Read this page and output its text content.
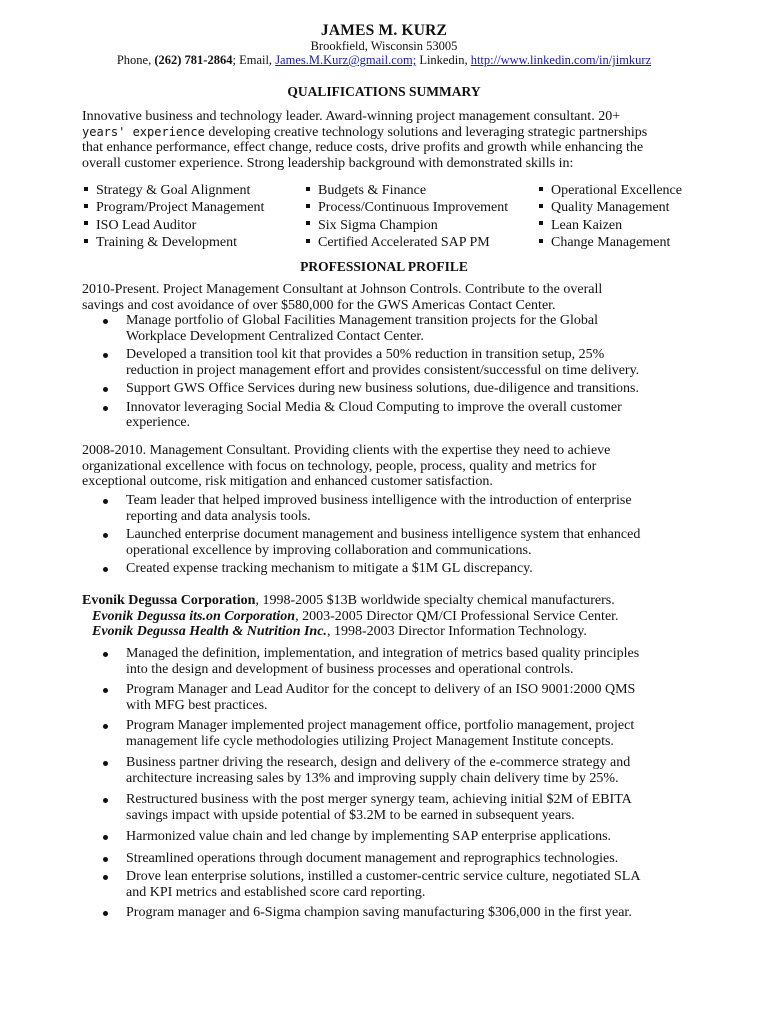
JAMES M. KURZ
Brookfield, Wisconsin 53005
Phone, (262) 781-2864; Email, James.M.Kurz@gmail.com; Linkedin, http://www.linkedin.com/in/jimkurz
QUALIFICATIONS SUMMARY
Innovative business and technology leader. Award-winning project management consultant. 20+
years' experience developing creative technology solutions and leveraging strategic partnerships
that enhance performance, effect change, reduce costs, drive profits and growth while enhancing the
overall customer experience. Strong leadership background with demonstrated skills in:
Strategy & Goal Alignment
Program/Project Management
ISO Lead Auditor
Training & Development
Budgets & Finance
Process/Continuous Improvement
Six Sigma Champion
Certified Accelerated SAP PM
Operational Excellence
Quality Management
Lean Kaizen
Change Management
PROFESSIONAL PROFILE
2010-Present. Project Management Consultant at Johnson Controls. Contribute to the overall
savings and cost avoidance of over $580,000 for the GWS Americas Contact Center.
Manage portfolio of Global Facilities Management transition projects for the Global
Workplace Development Centralized Contact Center.
Developed a transition tool kit that provides a 50% reduction in transition setup, 25%
reduction in project management effort and provides consistent/successful on time delivery.
Support GWS Office Services during new business solutions, due-diligence and transitions.
Innovator leveraging Social Media & Cloud Computing to improve the overall customer
experience.
2008-2010. Management Consultant. Providing clients with the expertise they need to achieve
organizational excellence with focus on technology, people, process, quality and metrics for
exceptional outcome, risk mitigation and enhanced customer satisfaction.
Team leader that helped improved business intelligence with the introduction of enterprise
reporting and data analysis tools.
Launched enterprise document management and business intelligence system that enhanced
operational excellence by improving collaboration and communications.
Created expense tracking mechanism to mitigate a $1M GL discrepancy.
Evonik Degussa Corporation, 1998-2005 $13B worldwide specialty chemical manufacturers.
Evonik Degussa its.on Corporation, 2003-2005 Director QM/CI Professional Service Center.
Evonik Degussa Health & Nutrition Inc., 1998-2003 Director Information Technology.
Managed the definition, implementation, and integration of metrics based quality principles
into the design and development of business processes and operational controls.
Program Manager and Lead Auditor for the concept to delivery of an ISO 9001:2000 QMS
with MFG best practices.
Program Manager implemented project management office, portfolio management, project
management life cycle methodologies utilizing Project Management Institute concepts.
Business partner driving the research, design and delivery of the e-commerce strategy and
architecture increasing sales by 13% and improving supply chain delivery time by 25%.
Restructured business with the post merger synergy team, achieving initial $2M of EBITA
savings impact with upside potential of $3.2M to be earned in subsequent years.
Harmonized value chain and led change by implementing SAP enterprise applications.
Streamlined operations through document management and reprographics technologies.
Drove lean enterprise solutions, instilled a customer-centric service culture, negotiated SLA
and KPI metrics and established score card reporting.
Program manager and 6-Sigma champion saving manufacturing $306,000 in the first year.
